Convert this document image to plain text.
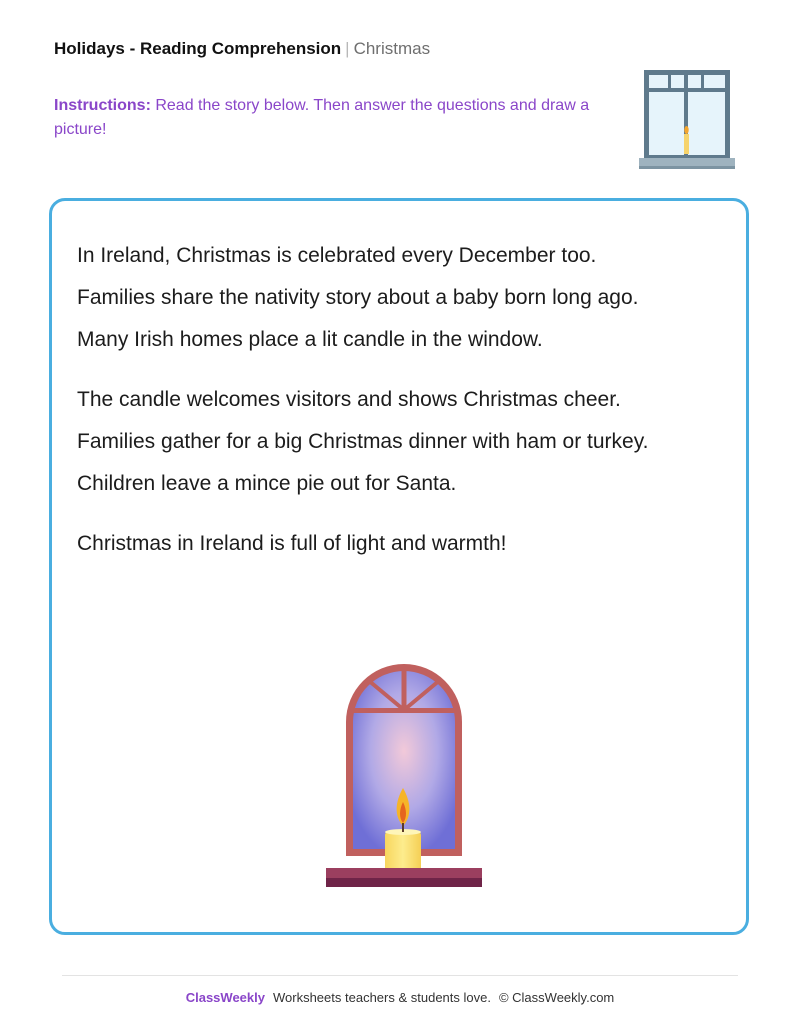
Holidays - Reading Comprehension | Christmas
Instructions: Read the story below. Then answer the questions and draw a picture!

In Ireland, Christmas is celebrated every December too. Families share the nativity story about a baby born long ago. Many Irish homes place a lit candle in the window.

The candle welcomes visitors and shows Christmas cheer. Families gather for a big Christmas dinner with ham or turkey. Children leave a mince pie out for Santa.

Christmas in Ireland is full of light and warmth!

ClassWeekly Worksheets teachers & students love. © ClassWeekly.com
